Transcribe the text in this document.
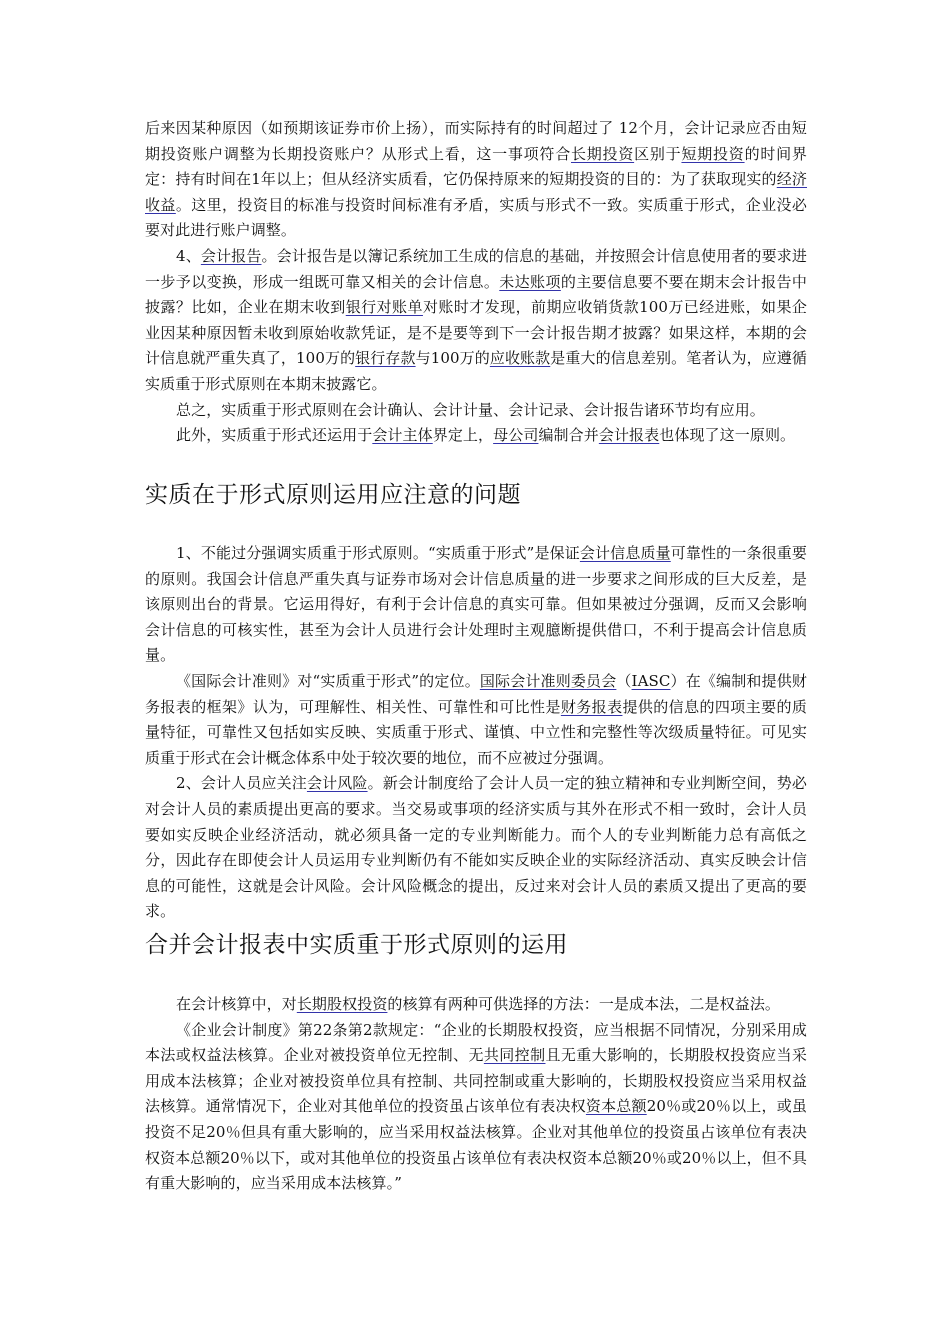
后来因某种原因（如预期该证券市价上扬），而实际持有的时间超过了 12个月，会计记录应否由短期投资账户调整为长期投资账户？从形式上看，这一事项符合长期投资区别于短期投资的时间界定：持有时间在1年以上；但从经济实质看，它仍保持原来的短期投资的目的：为了获取现实的经济收益。这里，投资目的标准与投资时间标准有矛盾，实质与形式不一致。实质重于形式，企业没必要对此进行账户调整。

4、会计报告。会计报告是以簿记系统加工生成的信息的基础，并按照会计信息使用者的要求进一步予以变换，形成一组既可靠又相关的会计信息。未达账项的主要信息要不要在期末会计报告中披露？比如，企业在期末收到银行对账单对账时才发现，前期应收销货款100万已经进账，如果企业因某种原因暂未收到原始收款凭证，是不是要等到下一会计报告期才披露？如果这样，本期的会计信息就严重失真了，100万的银行存款与100万的应收账款是重大的信息差别。笔者认为，应遵循实质重于形式原则在本期末披露它。

总之，实质重于形式原则在会计确认、会计计量、会计记录、会计报告诸环节均有应用。

此外，实质重于形式还运用于会计主体界定上，母公司编制合并会计报表也体现了这一原则。

实质在于形式原则运用应注意的问题

1、不能过分强调实质重于形式原则。“实质重于形式”是保证会计信息质量可靠性的一条很重要的原则。我国会计信息严重失真与证券市场对会计信息质量的进一步要求之间形成的巨大反差，是该原则出台的背景。它运用得好，有利于会计信息的真实可靠。但如果被过分强调，反而又会影响会计信息的可核实性，甚至为会计人员进行会计处理时主观臆断提供借口，不利于提高会计信息质量。

《国际会计准则》对“实质重于形式”的定位。国际会计准则委员会（IASC）在《编制和提供财务报表的框架》认为，可理解性、相关性、可靠性和可比性是财务报表提供的信息的四项主要的质量特征，可靠性又包括如实反映、实质重于形式、谨慎、中立性和完整性等次级质量特征。可见实质重于形式在会计概念体系中处于较次要的地位，而不应被过分强调。

2、会计人员应关注会计风险。新会计制度给了会计人员一定的独立精神和专业判断空间，势必对会计人员的素质提出更高的要求。当交易或事项的经济实质与其外在形式不相一致时，会计人员要如实反映企业经济活动，就必须具备一定的专业判断能力。而个人的专业判断能力总有高低之分，因此存在即使会计人员运用专业判断仍有不能如实反映企业的实际经济活动、真实反映会计信息的可能性，这就是会计风险。会计风险概念的提出，反过来对会计人员的素质又提出了更高的要求。

合并会计报表中实质重于形式原则的运用

在会计核算中，对长期股权投资的核算有两种可供选择的方法：一是成本法，二是权益法。

《企业会计制度》第22条第2款规定：“企业的长期股权投资，应当根据不同情况，分别采用成本法或权益法核算。企业对被投资单位无控制、无共同控制且无重大影响的，长期股权投资应当采用成本法核算；企业对被投资单位具有控制、共同控制或重大影响的，长期股权投资应当采用权益法核算。通常情况下，企业对其他单位的投资虽占该单位有表决权资本总额20％或20％以上，或虽投资不足20％但具有重大影响的，应当采用权益法核算。企业对其他单位的投资虽占该单位有表决权资本总额20％以下，或对其他单位的投资虽占该单位有表决权资本总额20％或20％以上，但不具有重大影响的，应当采用成本法核算。”
